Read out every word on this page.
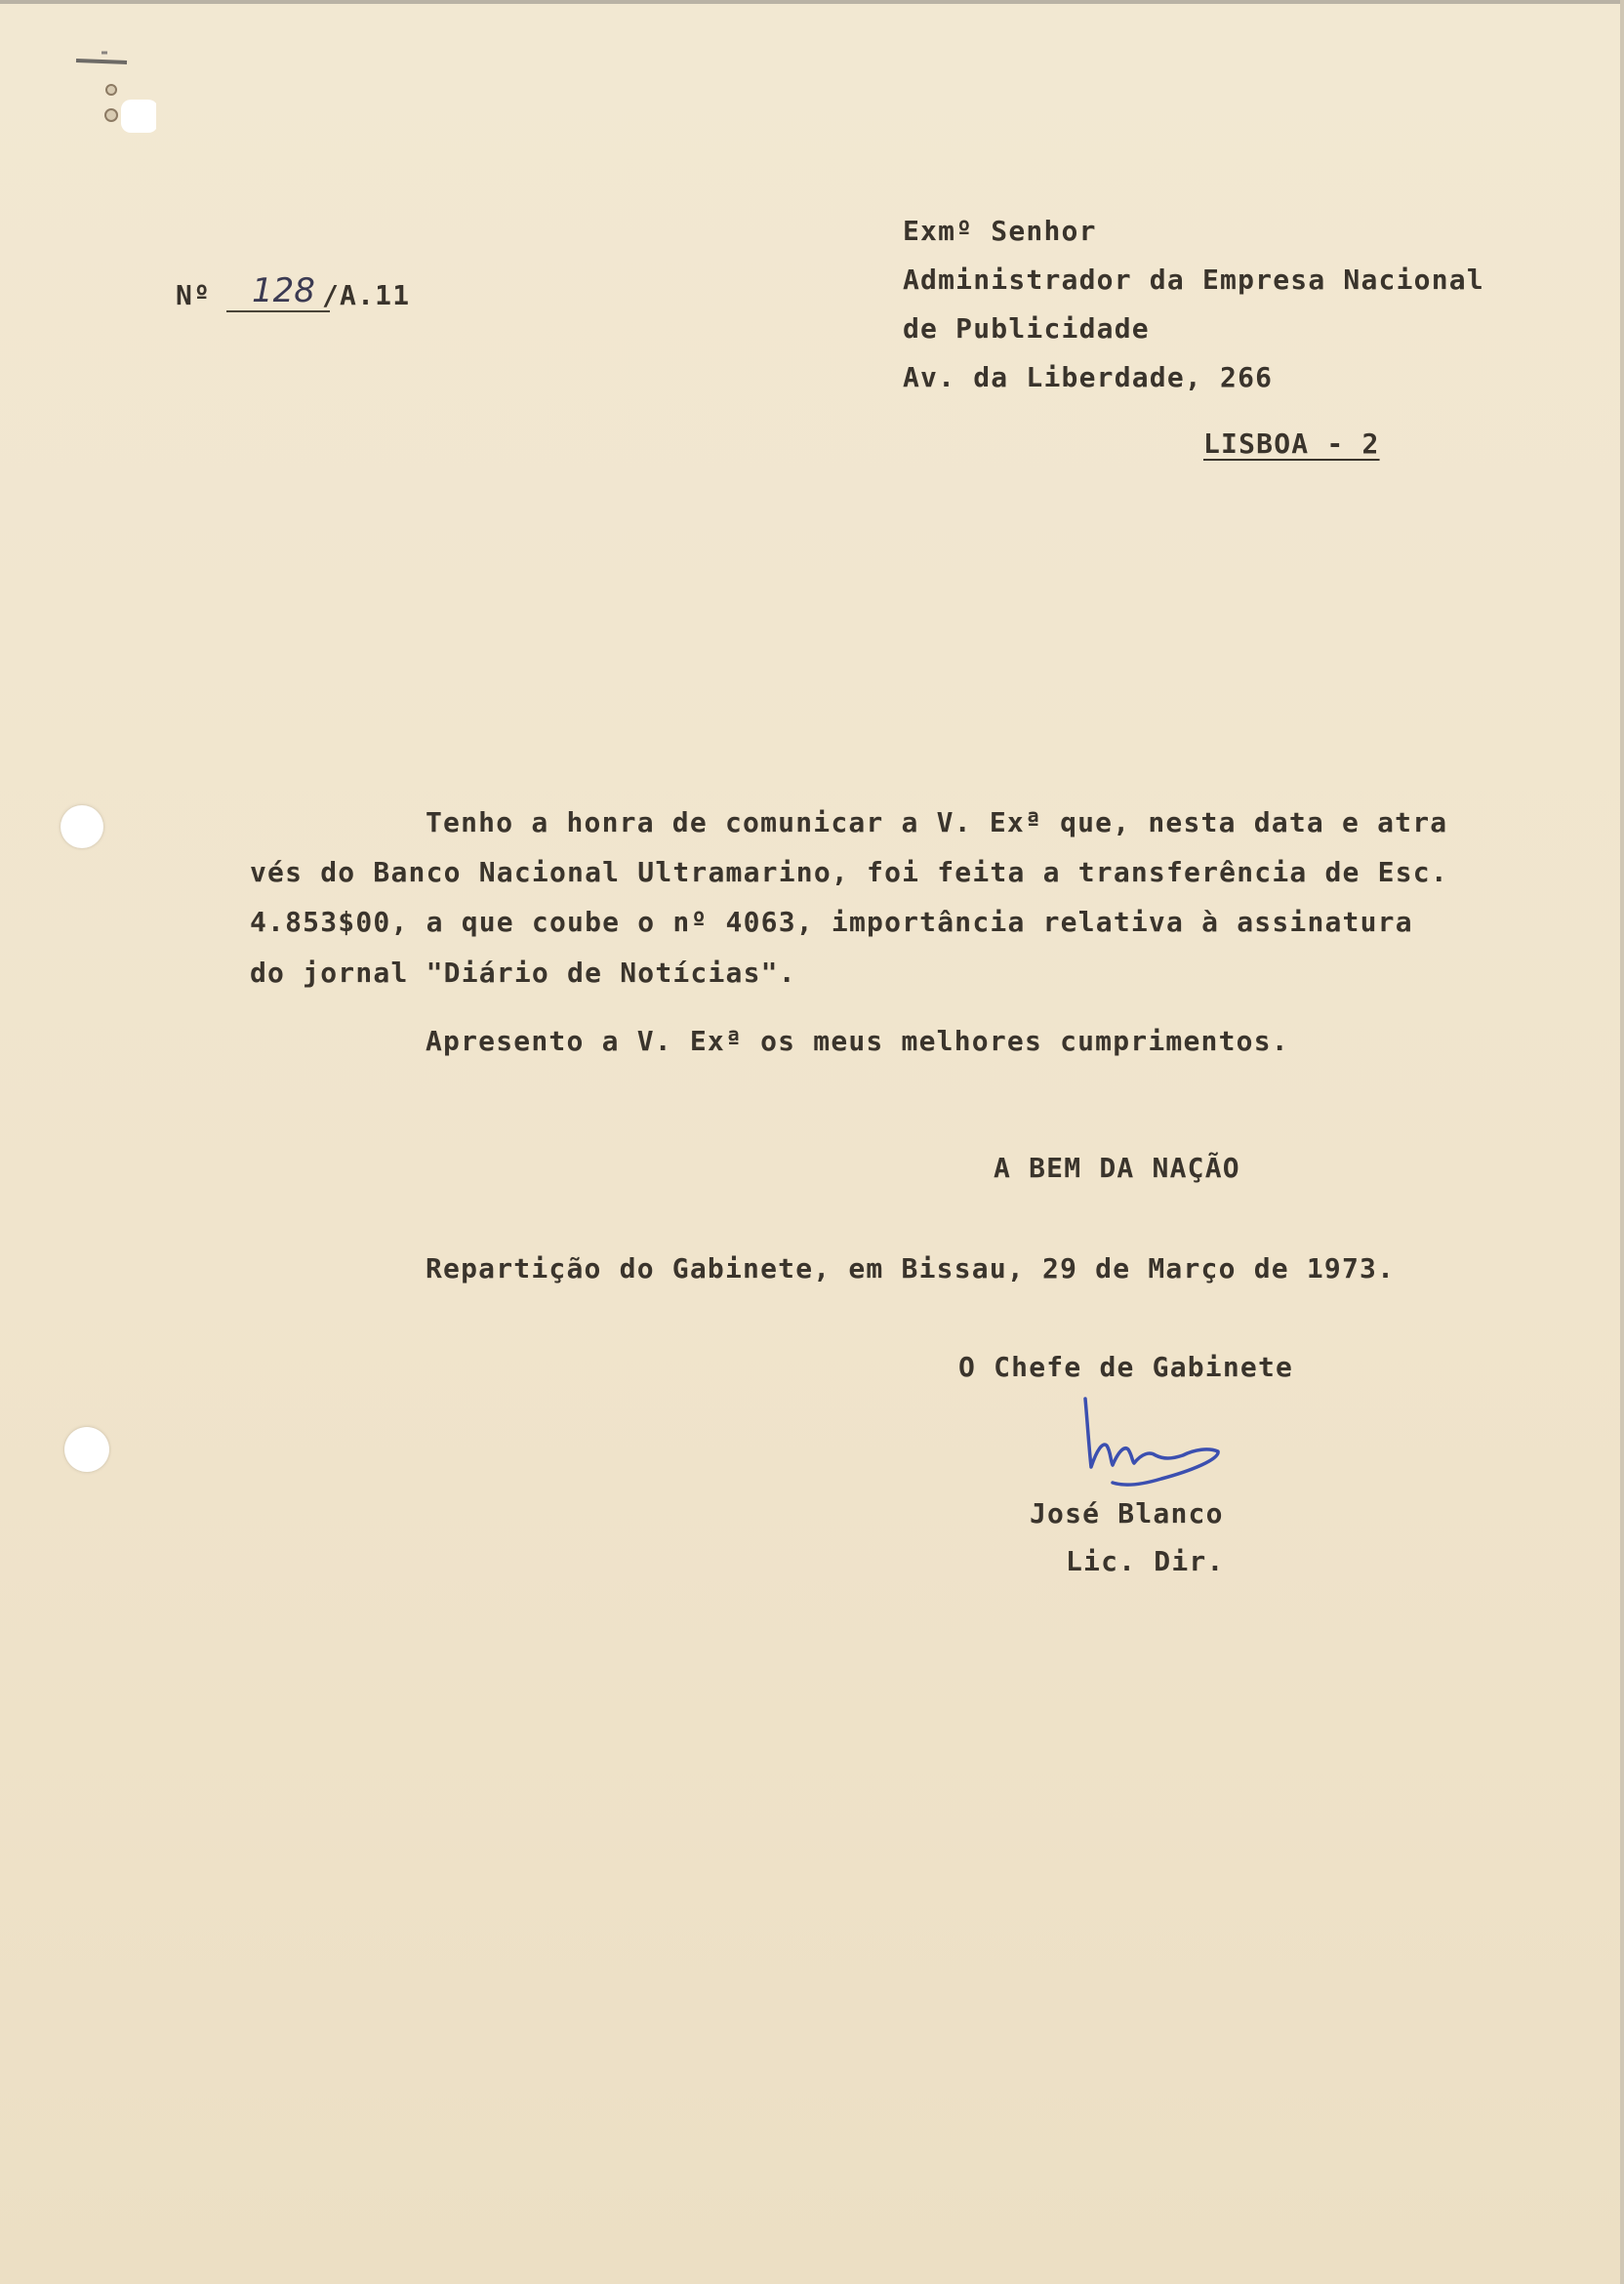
Nº 128 /A.11
Exmº Senhor
Administrador da Empresa Nacional
de Publicidade
Av. da Liberdade, 266
LISBOA - 2
Tenho a honra de comunicar a V. Exª que, nesta data e atra
vés do Banco Nacional Ultramarino, foi feita a transferência de Esc.
4.853$00, a que coube o nº 4063, importância relativa à assinatura
do jornal "Diário de Notícias".
Apresento a V. Exª os meus melhores cumprimentos.
A BEM DA NAÇÃO
Repartição do Gabinete, em Bissau, 29 de Março de 1973.
O Chefe de Gabinete
José Blanco
Lic. Dir.
